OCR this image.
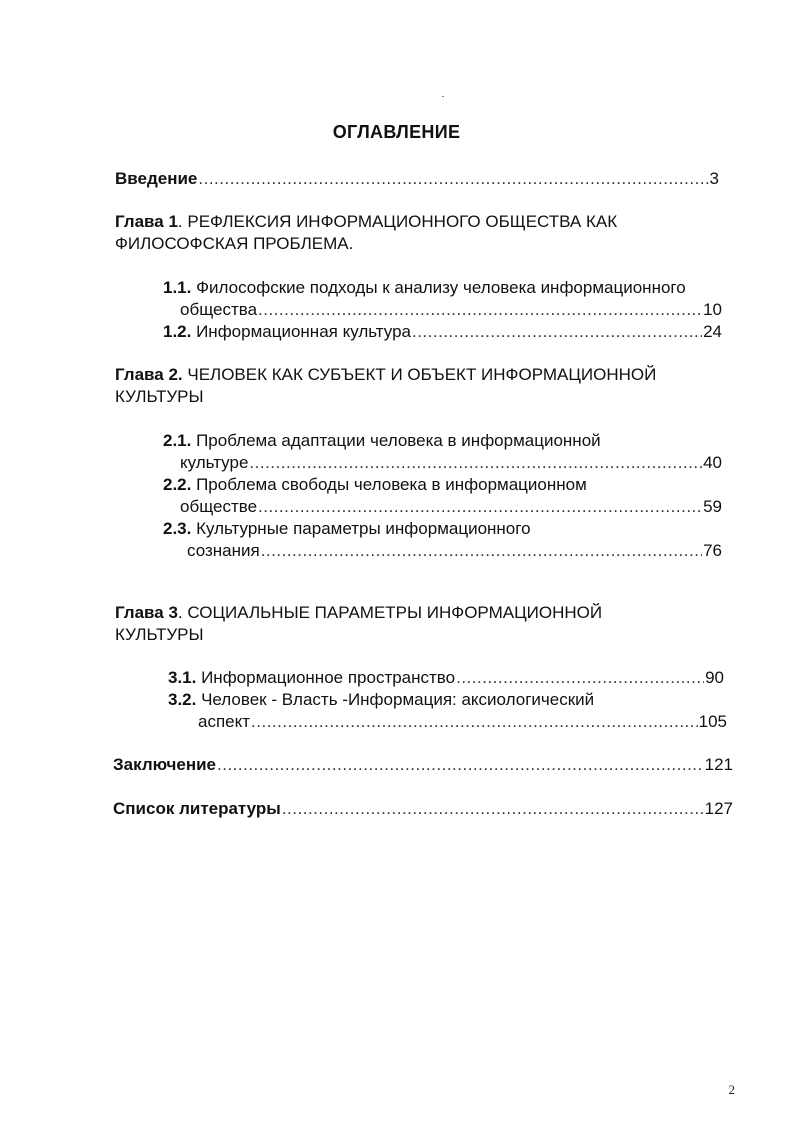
ОГЛАВЛЕНИЕ
Введение .....	3
Глава 1. РЕФЛЕКСИЯ ИНФОРМАЦИОННОГО ОБЩЕСТВА КАК
ФИЛОСОФСКАЯ ПРОБЛЕМА.
1.1. Философские подходы к анализу человека информационного
общества .....	10
1.2. Информационная культура .....	24
Глава 2. ЧЕЛОВЕК КАК СУБЪЕКТ И ОБЪЕКТ ИНФОРМАЦИОННОЙ
КУЛЬТУРЫ
2.1. Проблема адаптации человека в информационной
культуре .....	40
2.2. Проблема свободы человека в информационном
обществе .....	59
2.3. Культурные параметры информационного
сознания .....	76
Глава 3. СОЦИАЛЬНЫЕ ПАРАМЕТРЫ ИНФОРМАЦИОННОЙ
КУЛЬТУРЫ
3.1. Информационное пространство .....	90
3.2. Человек - Власть -Информация: аксиологический
аспект .....	105
Заключение .....	121
Список литературы .....	127
2
